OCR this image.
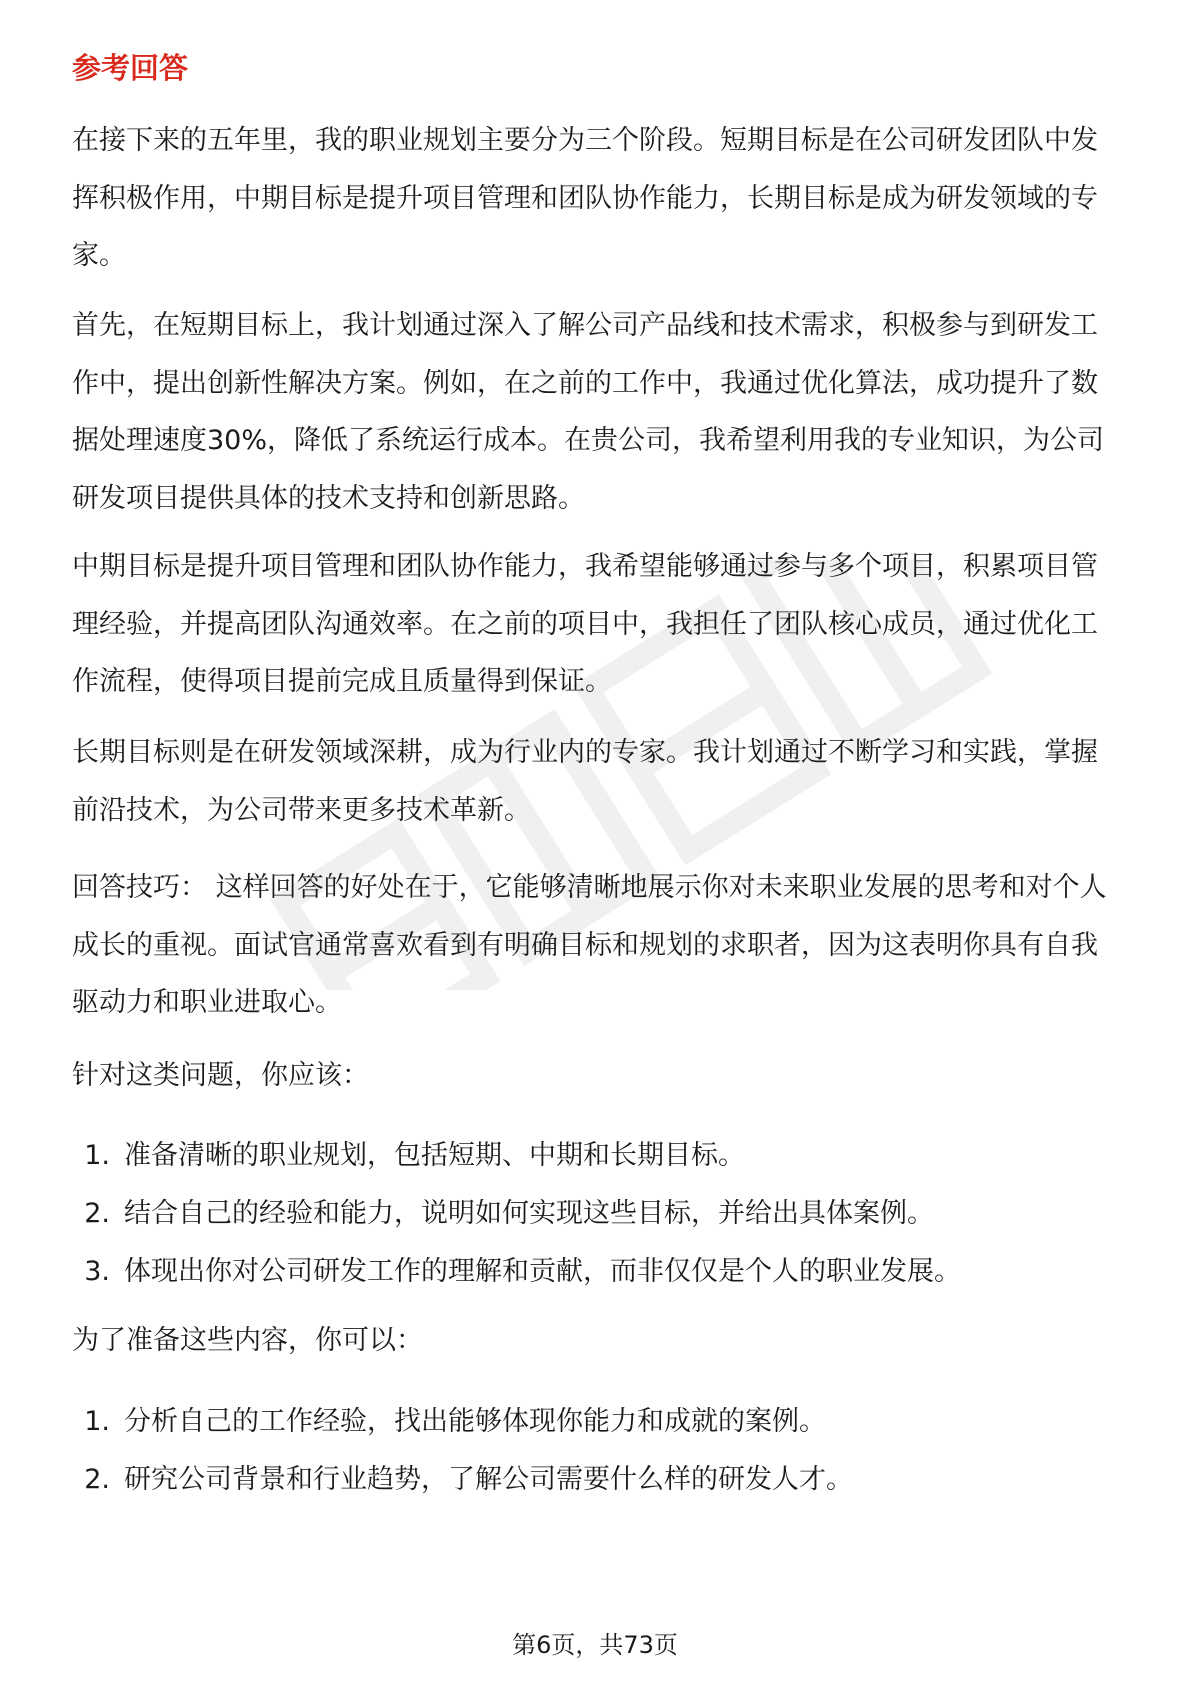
参考回答

在接下来的五年里，我的职业规划主要分为三个阶段。短期目标是在公司研发团队中发挥积极作用，中期目标是提升项目管理和团队协作能力，长期目标是成为研发领域的专家。

首先，在短期目标上，我计划通过深入了解公司产品线和技术需求，积极参与到研发工作中，提出创新性解决方案。例如，在之前的工作中，我通过优化算法，成功提升了数据处理速度30%，降低了系统运行成本。在贵公司，我希望利用我的专业知识，为公司研发项目提供具体的技术支持和创新思路。

中期目标是提升项目管理和团队协作能力，我希望能够通过参与多个项目，积累项目管理经验，并提高团队沟通效率。在之前的项目中，我担任了团队核心成员，通过优化工作流程，使得项目提前完成且质量得到保证。

长期目标则是在研发领域深耕，成为行业内的专家。我计划通过不断学习和实践，掌握前沿技术，为公司带来更多技术革新。

回答技巧： 这样回答的好处在于，它能够清晰地展示你对未来职业发展的思考和对个人成长的重视。面试官通常喜欢看到有明确目标和规划的求职者，因为这表明你具有自我驱动力和职业进取心。

针对这类问题，你应该：

1. 准备清晰的职业规划，包括短期、中期和长期目标。
2. 结合自己的经验和能力，说明如何实现这些目标，并给出具体案例。
3. 体现出你对公司研发工作的理解和贡献，而非仅仅是个人的职业发展。

为了准备这些内容，你可以：

1. 分析自己的工作经验，找出能够体现你能力和成就的案例。
2. 研究公司背景和行业趋势，了解公司需要什么样的研发人才。
第6页，共73页
